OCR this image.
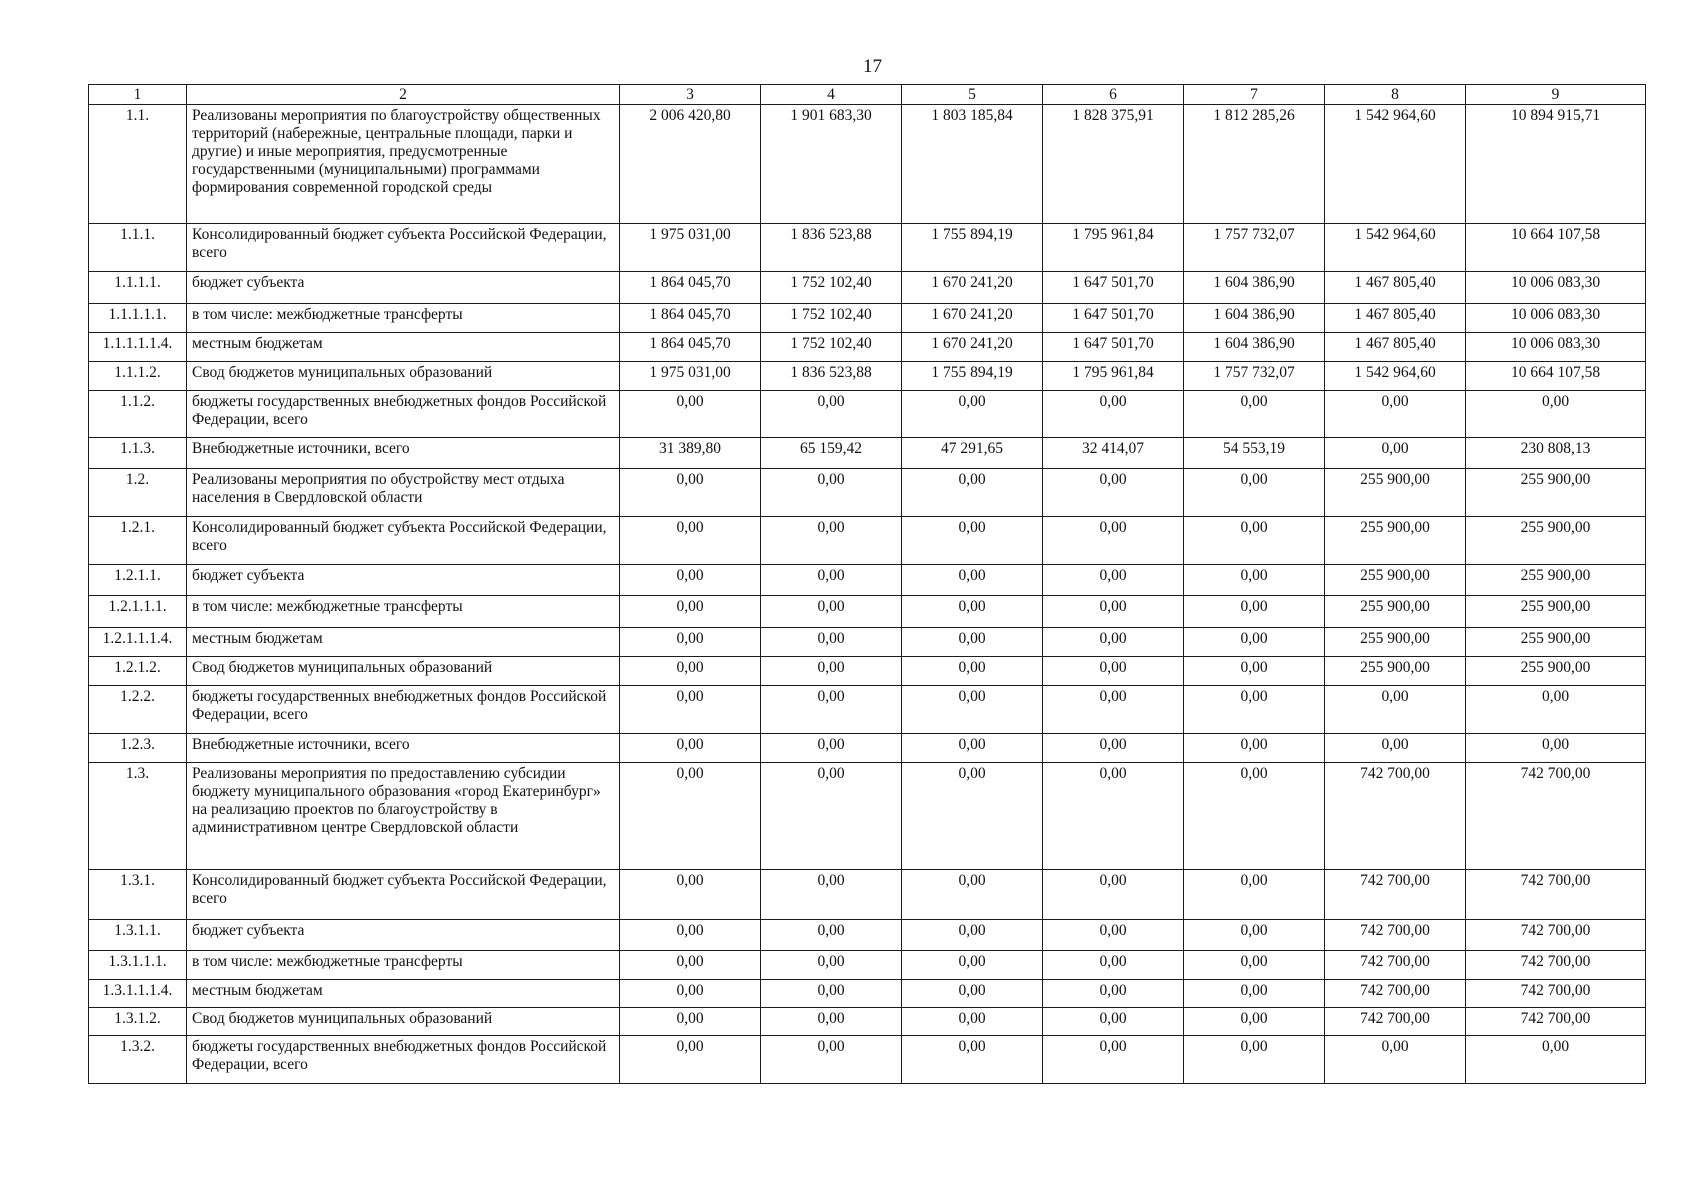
17
1	2	3	4	5	6	7	8	9
1.1.	Реализованы мероприятия по благоустройству общественных территорий (набережные, центральные площади, парки и другие) и иные мероприятия, предусмотренные государственными (муниципальными) программами формирования современной городской среды	2 006 420,80	1 901 683,30	1 803 185,84	1 828 375,91	1 812 285,26	1 542 964,60	10 894 915,71
1.1.1.	Консолидированный бюджет субъекта Российской Федерации, всего	1 975 031,00	1 836 523,88	1 755 894,19	1 795 961,84	1 757 732,07	1 542 964,60	10 664 107,58
1.1.1.1.	бюджет субъекта	1 864 045,70	1 752 102,40	1 670 241,20	1 647 501,70	1 604 386,90	1 467 805,40	10 006 083,30
1.1.1.1.1.	в том числе: межбюджетные трансферты	1 864 045,70	1 752 102,40	1 670 241,20	1 647 501,70	1 604 386,90	1 467 805,40	10 006 083,30
1.1.1.1.1.4.	местным бюджетам	1 864 045,70	1 752 102,40	1 670 241,20	1 647 501,70	1 604 386,90	1 467 805,40	10 006 083,30
1.1.1.2.	Свод бюджетов муниципальных образований	1 975 031,00	1 836 523,88	1 755 894,19	1 795 961,84	1 757 732,07	1 542 964,60	10 664 107,58
1.1.2.	бюджеты государственных внебюджетных фондов Российской Федерации, всего	0,00	0,00	0,00	0,00	0,00	0,00	0,00
1.1.3.	Внебюджетные источники, всего	31 389,80	65 159,42	47 291,65	32 414,07	54 553,19	0,00	230 808,13
1.2.	Реализованы мероприятия по обустройству мест отдыха населения в Свердловской области	0,00	0,00	0,00	0,00	0,00	255 900,00	255 900,00
1.2.1.	Консолидированный бюджет субъекта Российской Федерации, всего	0,00	0,00	0,00	0,00	0,00	255 900,00	255 900,00
1.2.1.1.	бюджет субъекта	0,00	0,00	0,00	0,00	0,00	255 900,00	255 900,00
1.2.1.1.1.	в том числе: межбюджетные трансферты	0,00	0,00	0,00	0,00	0,00	255 900,00	255 900,00
1.2.1.1.1.4.	местным бюджетам	0,00	0,00	0,00	0,00	0,00	255 900,00	255 900,00
1.2.1.2.	Свод бюджетов муниципальных образований	0,00	0,00	0,00	0,00	0,00	255 900,00	255 900,00
1.2.2.	бюджеты государственных внебюджетных фондов Российской Федерации, всего	0,00	0,00	0,00	0,00	0,00	0,00	0,00
1.2.3.	Внебюджетные источники, всего	0,00	0,00	0,00	0,00	0,00	0,00	0,00
1.3.	Реализованы мероприятия по предоставлению субсидии бюджету муниципального образования «город Екатеринбург» на реализацию проектов по благоустройству в административном центре Свердловской области	0,00	0,00	0,00	0,00	0,00	742 700,00	742 700,00
1.3.1.	Консолидированный бюджет субъекта Российской Федерации, всего	0,00	0,00	0,00	0,00	0,00	742 700,00	742 700,00
1.3.1.1.	бюджет субъекта	0,00	0,00	0,00	0,00	0,00	742 700,00	742 700,00
1.3.1.1.1.	в том числе: межбюджетные трансферты	0,00	0,00	0,00	0,00	0,00	742 700,00	742 700,00
1.3.1.1.1.4.	местным бюджетам	0,00	0,00	0,00	0,00	0,00	742 700,00	742 700,00
1.3.1.2.	Свод бюджетов муниципальных образований	0,00	0,00	0,00	0,00	0,00	742 700,00	742 700,00
1.3.2.	бюджеты государственных внебюджетных фондов Российской Федерации, всего	0,00	0,00	0,00	0,00	0,00	0,00	0,00
